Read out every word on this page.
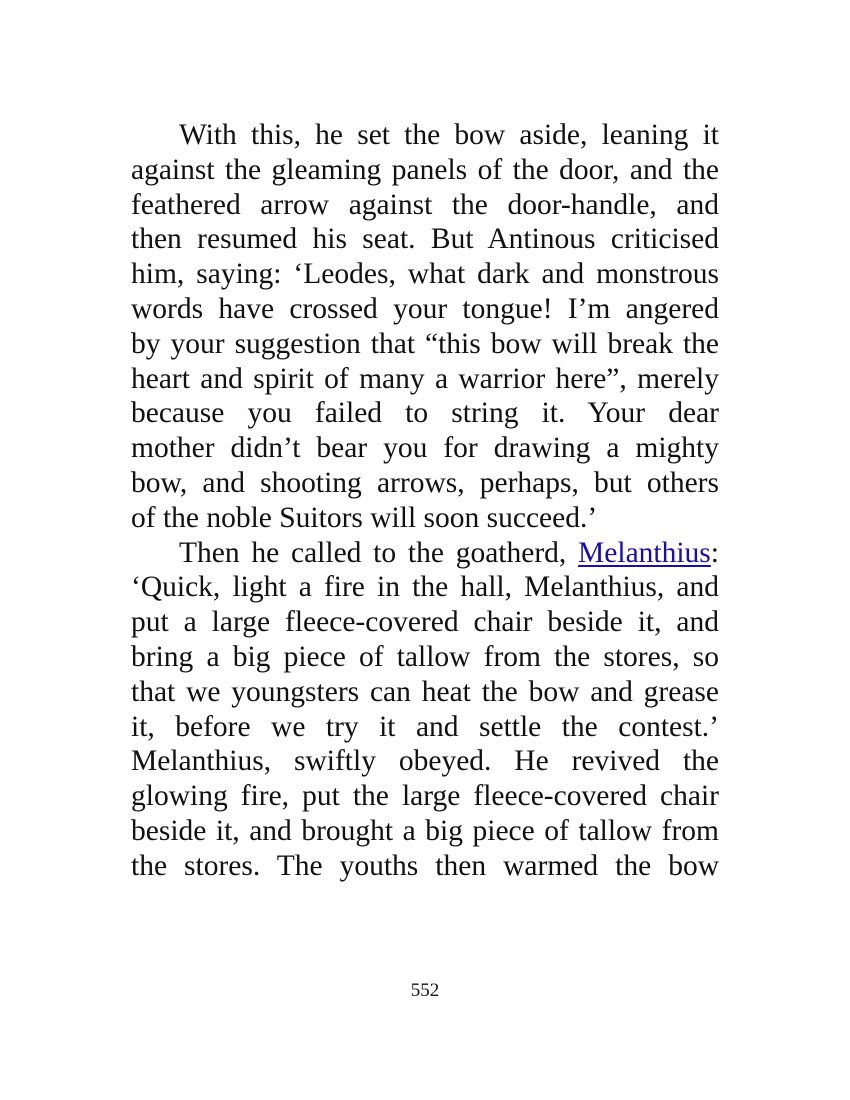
With this, he set the bow aside, leaning it
against the gleaming panels of the door, and the
feathered arrow against the door-handle, and
then resumed his seat. But Antinous criticised
him, saying: ‘Leodes, what dark and monstrous
words have crossed your tongue! I’m angered
by your suggestion that “this bow will break the
heart and spirit of many a warrior here”, merely
because you failed to string it. Your dear
mother didn’t bear you for drawing a mighty
bow, and shooting arrows, perhaps, but others
of the noble Suitors will soon succeed.’
Then he called to the goatherd, Melanthius:
‘Quick, light a fire in the hall, Melanthius, and
put a large fleece-covered chair beside it, and
bring a big piece of tallow from the stores, so
that we youngsters can heat the bow and grease
it, before we try it and settle the contest.’
Melanthius, swiftly obeyed. He revived the
glowing fire, put the large fleece-covered chair
beside it, and brought a big piece of tallow from
the stores. The youths then warmed the bow
552
